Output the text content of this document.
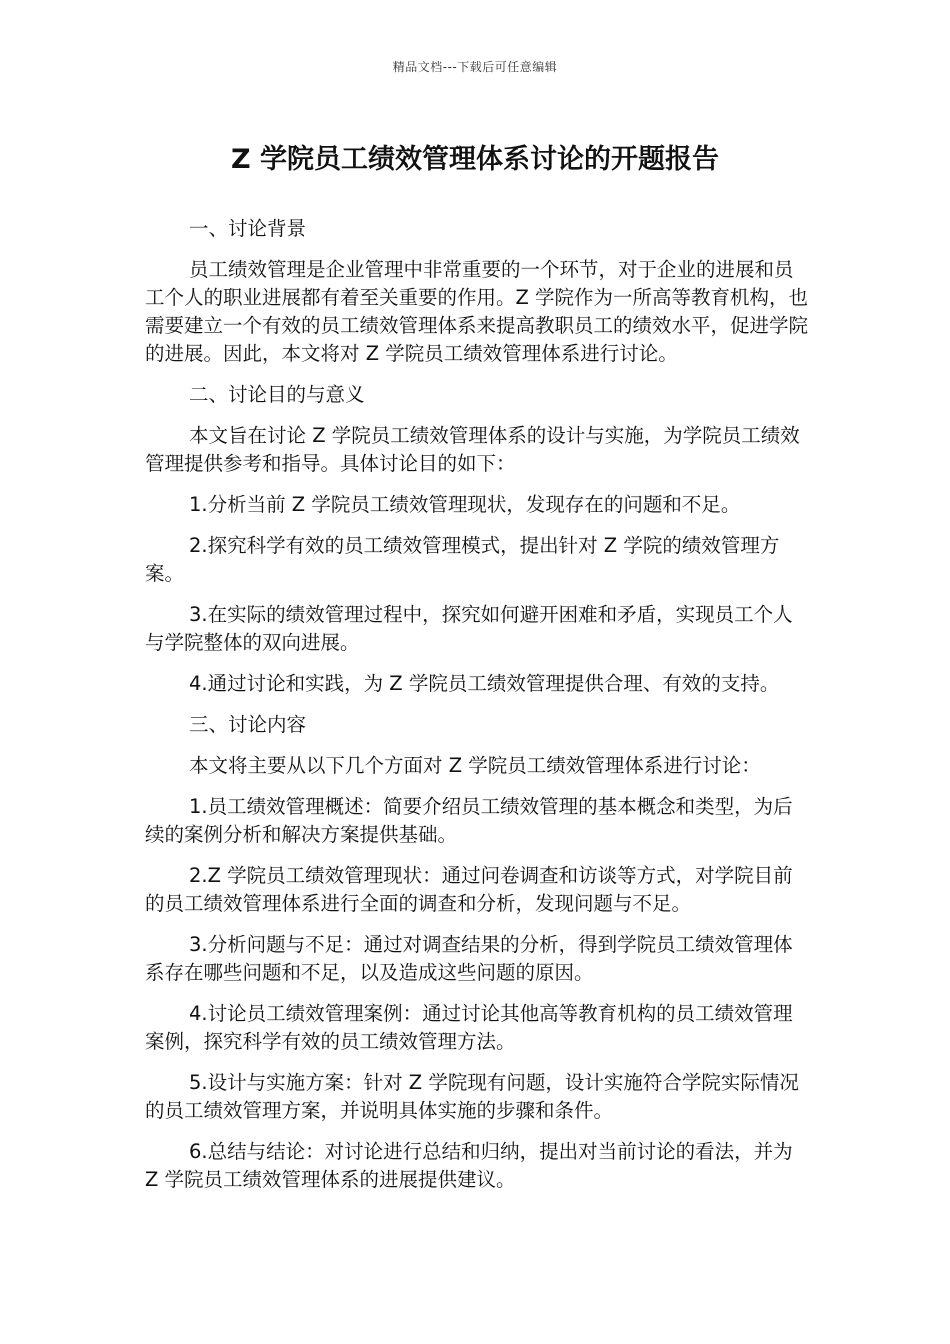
精品文档---下载后可任意编辑
Z 学院员工绩效管理体系讨论的开题报告

一、讨论背景

员工绩效管理是企业管理中非常重要的一个环节，对于企业的进展和员工个人的职业进展都有着至关重要的作用。Z 学院作为一所高等教育机构，也需要建立一个有效的员工绩效管理体系来提高教职员工的绩效水平，促进学院的进展。因此，本文将对 Z 学院员工绩效管理体系进行讨论。

二、讨论目的与意义

本文旨在讨论 Z 学院员工绩效管理体系的设计与实施，为学院员工绩效管理提供参考和指导。具体讨论目的如下：

1.分析当前 Z 学院员工绩效管理现状，发现存在的问题和不足。

2.探究科学有效的员工绩效管理模式，提出针对 Z 学院的绩效管理方案。

3.在实际的绩效管理过程中，探究如何避开困难和矛盾，实现员工个人与学院整体的双向进展。

4.通过讨论和实践，为 Z 学院员工绩效管理提供合理、有效的支持。

三、讨论内容

本文将主要从以下几个方面对 Z 学院员工绩效管理体系进行讨论：

1.员工绩效管理概述：简要介绍员工绩效管理的基本概念和类型，为后续的案例分析和解决方案提供基础。

2.Z 学院员工绩效管理现状：通过问卷调查和访谈等方式，对学院目前的员工绩效管理体系进行全面的调查和分析，发现问题与不足。

3.分析问题与不足：通过对调查结果的分析，得到学院员工绩效管理体系存在哪些问题和不足，以及造成这些问题的原因。

4.讨论员工绩效管理案例：通过讨论其他高等教育机构的员工绩效管理案例，探究科学有效的员工绩效管理方法。

5.设计与实施方案：针对 Z 学院现有问题，设计实施符合学院实际情况的员工绩效管理方案，并说明具体实施的步骤和条件。

6.总结与结论：对讨论进行总结和归纳，提出对当前讨论的看法，并为 Z 学院员工绩效管理体系的进展提供建议。
